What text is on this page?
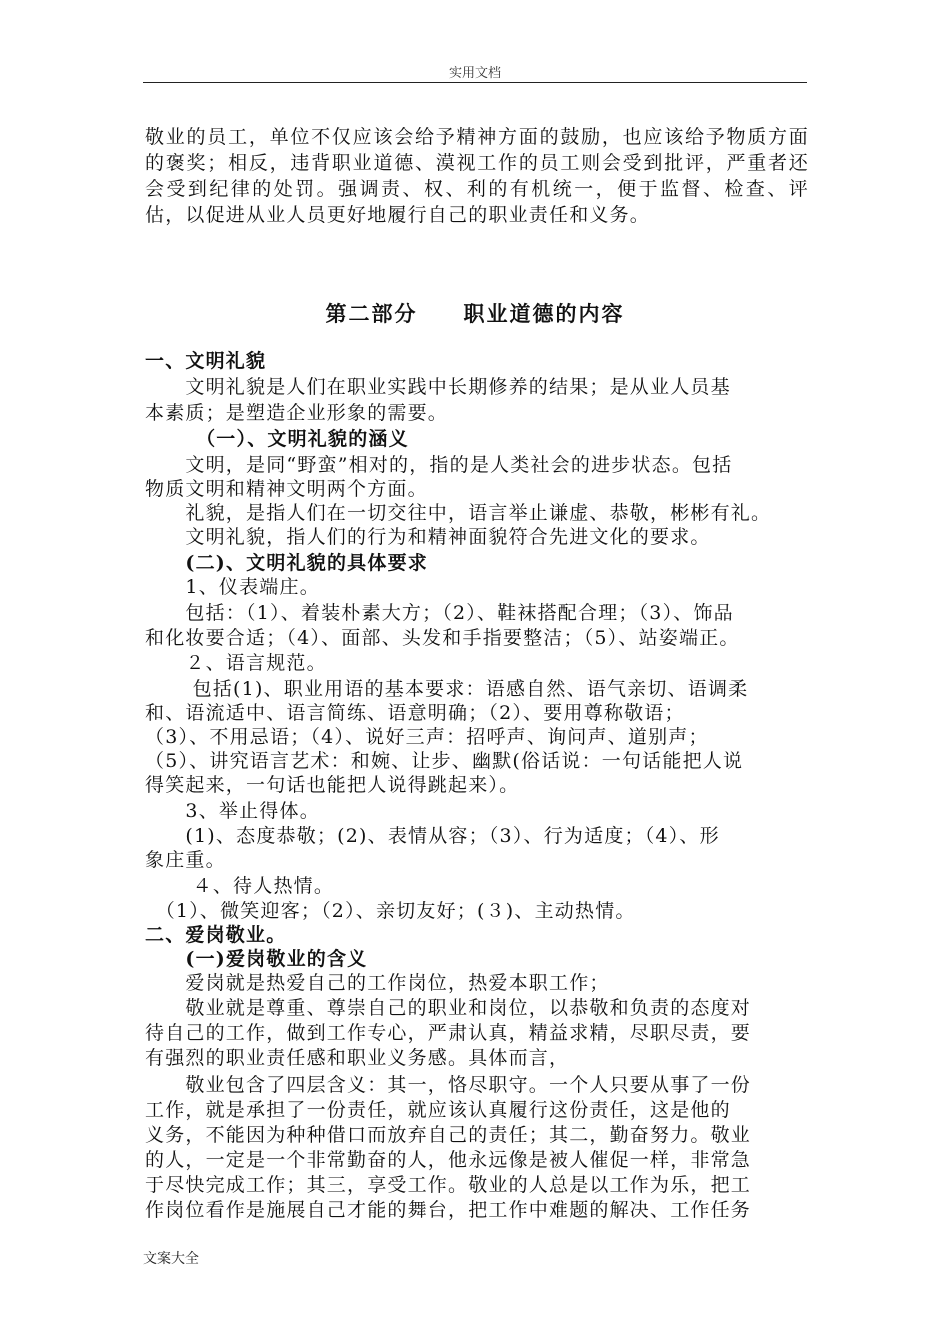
实用文档
敬业的员工，单位不仅应该会给予精神方面的鼓励，也应该给予物质方面的褒奖；相反，违背职业道德、漠视工作的员工则会受到批评，严重者还会受到纪律的处罚。强调责、权、利的有机统一，便于监督、检查、评估，以促进从业人员更好地履行自己的职业责任和义务。
第二部分　　职业道德的内容
一、文明礼貌
　　文明礼貌是人们在职业实践中长期修养的结果；是从业人员基
本素质；是塑造企业形象的需要。
　　　（一）、文明礼貌的涵义
　　文明，是同“野蛮”相对的，指的是人类社会的进步状态。包括
物质文明和精神文明两个方面。
　　礼貌，是指人们在一切交往中，语言举止谦虚、恭敬，彬彬有礼。
　　文明礼貌，指人们的行为和精神面貌符合先进文化的要求。
　　(二)、文明礼貌的具体要求
　　1、仪表端庄。
　　包括：（1）、着装朴素大方；（2）、鞋袜搭配合理；（3）、饰品
和化妆要合适；（4）、面部、头发和手指要整洁；（5）、站姿端正。
　　２、语言规范。
　　 包括(1)、职业用语的基本要求：语感自然、语气亲切、语调柔
和、语流适中、语言简练、语意明确；（2）、要用尊称敬语；
（3）、不用忌语；（4）、说好三声：招呼声、询问声、道别声；
（5）、讲究语言艺术：和婉、让步、幽默(俗话说：一句话能把人说
得笑起来，一句话也能把人说得跳起来）。
　　3、举止得体。
　　(1)、态度恭敬；(2)、表情从容；（3）、行为适度；（4）、形
象庄重。
　　 ４、待人热情。
　（1）、微笑迎客；（2）、亲切友好；(３)、主动热情。
二、爱岗敬业。
　　(一)爱岗敬业的含义
　　爱岗就是热爱自己的工作岗位，热爱本职工作；
　　敬业就是尊重、尊崇自己的职业和岗位，以恭敬和负责的态度对
待自己的工作，做到工作专心，严肃认真，精益求精，尽职尽责，要
有强烈的职业责任感和职业义务感。具体而言，
　　敬业包含了四层含义：其一，恪尽职守。一个人只要从事了一份
工作，就是承担了一份责任，就应该认真履行这份责任，这是他的
义务，不能因为种种借口而放弃自己的责任；其二，勤奋努力。敬业
的人，一定是一个非常勤奋的人，他永远像是被人催促一样，非常急
于尽快完成工作；其三，享受工作。敬业的人总是以工作为乐，把工
作岗位看作是施展自己才能的舞台，把工作中难题的解决、工作任务
文案大全
